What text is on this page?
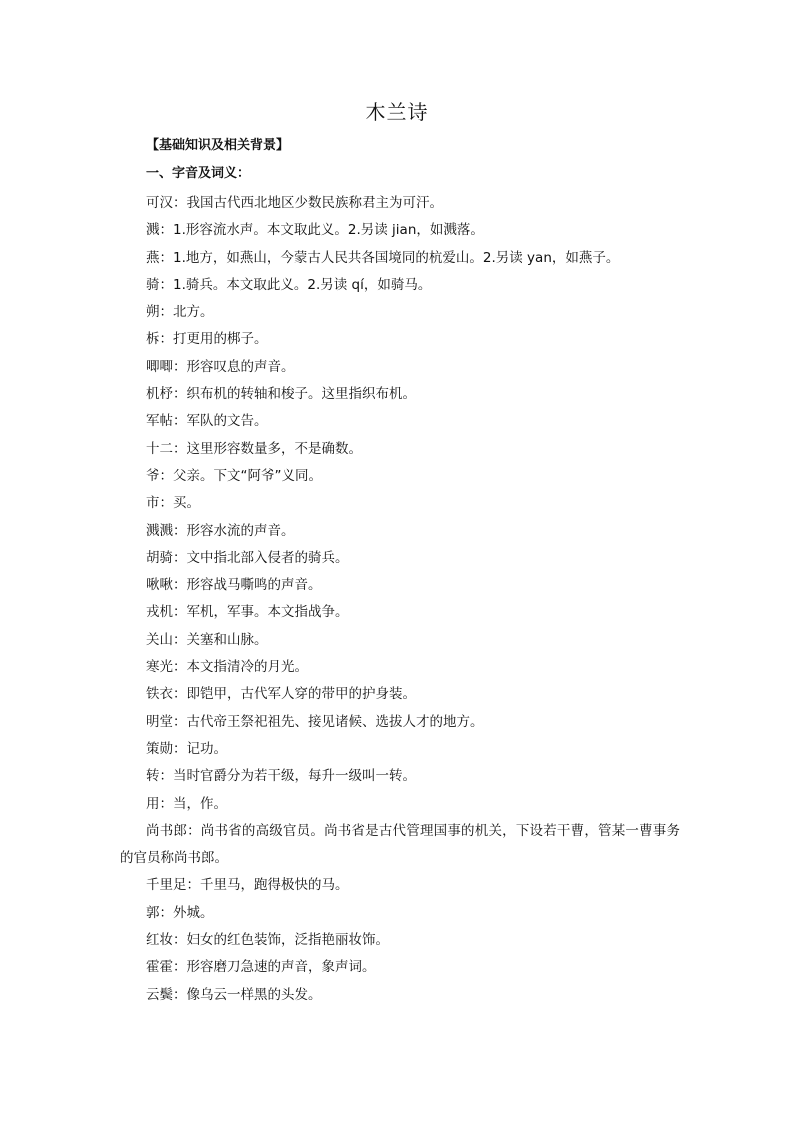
木兰诗
【基础知识及相关背景】
一、字音及词义：
可汉：我国古代西北地区少数民族称君主为可汗。
溅：1.形容流水声。本文取此义。2.另读 jian，如溅落。
燕：1.地方，如燕山，今蒙古人民共各国境同的杭爱山。2.另读 yan，如燕子。
骑：1.骑兵。本文取此义。2.另读 qí，如骑马。
朔：北方。
柝：打更用的梆子。
唧唧：形容叹息的声音。
机杼：织布机的转轴和梭子。这里指织布机。
军帖：军队的文告。
十二：这里形容数量多，不是确数。
爷：父亲。下文“阿爷”义同。
市：买。
溅溅：形容水流的声音。
胡骑：文中指北部入侵者的骑兵。
啾啾：形容战马嘶鸣的声音。
戎机：军机，军事。本文指战争。
关山：关塞和山脉。
寒光：本文指清冷的月光。
铁衣：即铠甲，古代军人穿的带甲的护身装。
明堂：古代帝王祭祀祖先、接见诸候、选拔人才的地方。
策勋：记功。
转：当时官爵分为若干级，每升一级叫一转。
用：当，作。
尚书郎：尚书省的高级官员。尚书省是古代管理国事的机关，下设若干曹，管某一曹事务的官员称尚书郎。
千里足：千里马，跑得极快的马。
郭：外城。
红妆：妇女的红色装饰，泛指艳丽妆饰。
霍霍：形容磨刀急速的声音，象声词。
云鬓：像乌云一样黑的头发。
